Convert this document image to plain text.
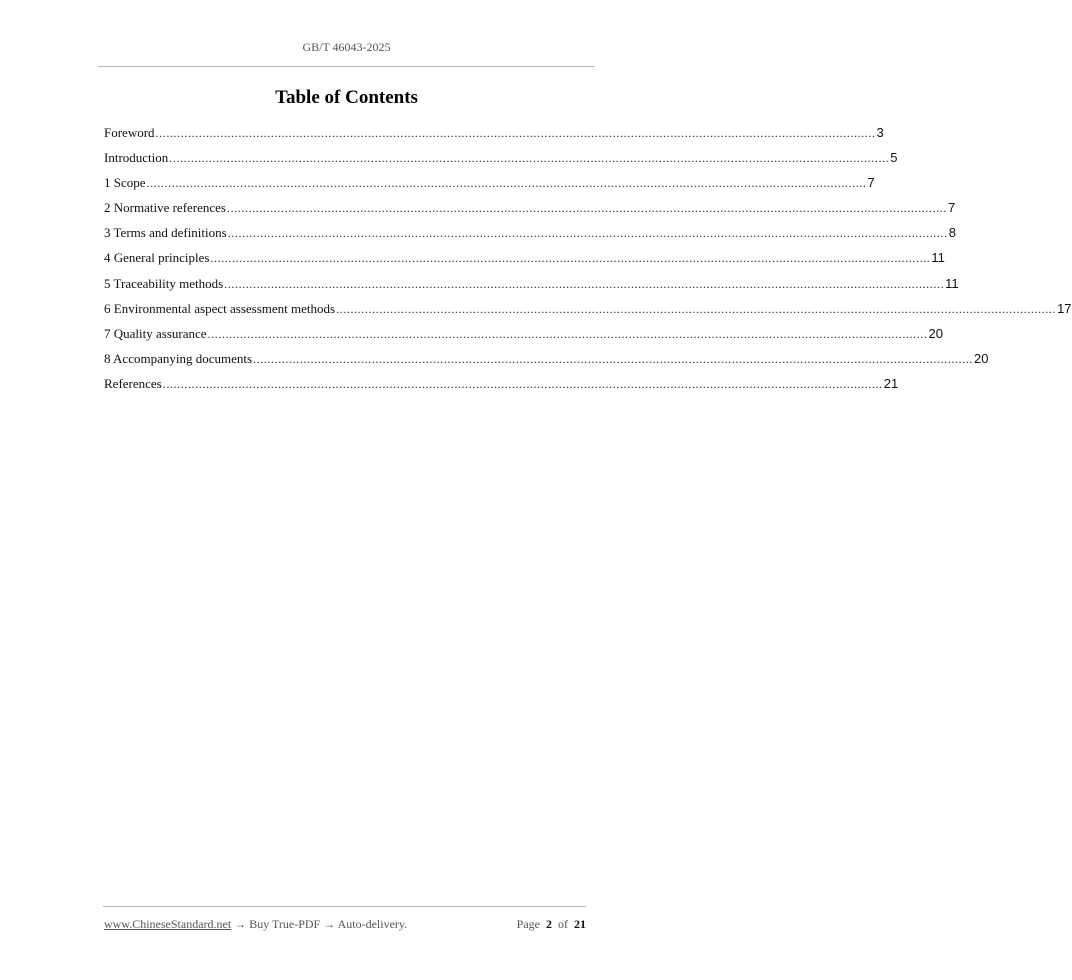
GB/T 46043-2025
Table of Contents
Foreword ........................................................................................................................................................................................................ 3
Introduction ........................................................................................................................................................................................................ 5
1 Scope ........................................................................................................................................................................................................ 7
2 Normative references ........................................................................................................................................................................................................ 7
3 Terms and definitions ........................................................................................................................................................................................................ 8
4 General principles ........................................................................................................................................................................................................ 11
5 Traceability methods ........................................................................................................................................................................................................ 11
6 Environmental aspect assessment methods ........................................................................................................................................................................................................ 17
7 Quality assurance ........................................................................................................................................................................................................ 20
8 Accompanying documents ........................................................................................................................................................................................................ 20
References ........................................................................................................................................................................................................ 21
www.ChineseStandard.net → Buy True-PDF → Auto-delivery.	Page 2 of 21
